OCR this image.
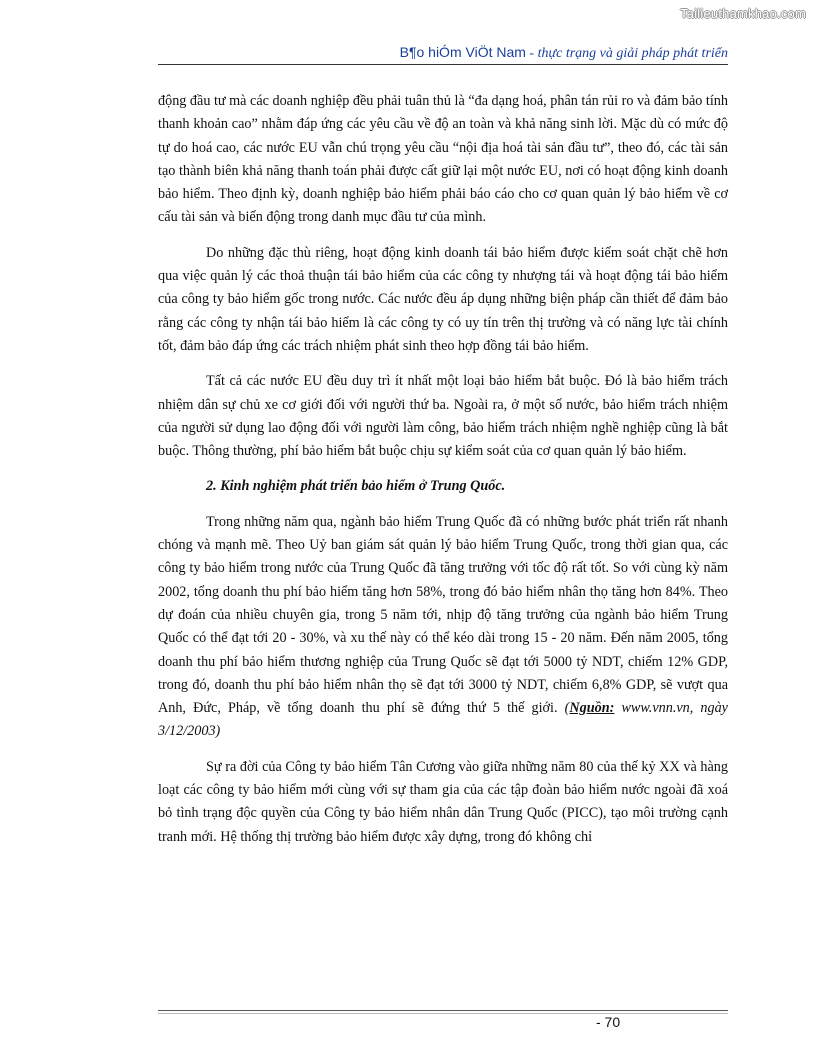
Tailieuthamkhao.com
B¶o hiÓm ViÖt Nam - thực trạng và giải pháp phát triển

động đầu tư mà các doanh nghiệp đều phải tuân thủ là “đa dạng hoá, phân tán rủi ro và đảm bảo tính thanh khoản cao” nhằm đáp ứng các yêu cầu về độ an toàn và khả năng sinh lời. Mặc dù có mức độ tự do hoá cao, các nước EU vẫn chú trọng yêu cầu “nội địa hoá tài sản đầu tư”, theo đó, các tài sản tạo thành biên khả năng thanh toán phải được cất giữ lại một nước EU, nơi có hoạt động kinh doanh bảo hiểm. Theo định kỳ, doanh nghiệp bảo hiểm phải báo cáo cho cơ quan quản lý bảo hiểm về cơ cấu tài sản và biến động trong danh mục đầu tư của mình.

Do những đặc thù riêng, hoạt động kinh doanh tái bảo hiểm được kiểm soát chặt chẽ hơn qua việc quản lý các thoả thuận tái bảo hiểm của các công ty nhượng tái và hoạt động tái bảo hiểm của công ty bảo hiểm gốc trong nước. Các nước đều áp dụng những biện pháp cần thiết để đảm bảo rằng các công ty nhận tái bảo hiểm là các công ty có uy tín trên thị trường và có năng lực tài chính tốt, đảm bảo đáp ứng các trách nhiệm phát sinh theo hợp đồng tái bảo hiểm.

Tất cả các nước EU đều duy trì ít nhất một loại bảo hiểm bắt buộc. Đó là bảo hiểm trách nhiệm dân sự chủ xe cơ giới đối với người thứ ba. Ngoài ra, ở một số nước, bảo hiểm trách nhiệm của người sử dụng lao động đối với người làm công, bảo hiểm trách nhiệm nghề nghiệp cũng là bắt buộc. Thông thường, phí bảo hiểm bắt buộc chịu sự kiểm soát của cơ quan quản lý bảo hiểm.

2. Kinh nghiệm phát triển bảo hiểm ở Trung Quốc.

Trong những năm qua, ngành bảo hiểm Trung Quốc đã có những bước phát triển rất nhanh chóng và mạnh mẽ. Theo Uỷ ban giám sát quản lý bảo hiểm Trung Quốc, trong thời gian qua, các công ty bảo hiểm trong nước của Trung Quốc đã tăng trưởng với tốc độ rất tốt. So với cùng kỳ năm 2002, tổng doanh thu phí bảo hiểm tăng hơn 58%, trong đó bảo hiểm nhân thọ tăng hơn 84%. Theo dự đoán của nhiều chuyên gia, trong 5 năm tới, nhịp độ tăng trưởng của ngành bảo hiểm Trung Quốc có thể đạt tới 20 - 30%, và xu thế này có thể kéo dài trong 15 - 20 năm. Đến năm 2005, tổng doanh thu phí bảo hiểm thương nghiệp của Trung Quốc sẽ đạt tới 5000 tỷ NDT, chiếm 12% GDP, trong đó, doanh thu phí bảo hiểm nhân thọ sẽ đạt tới 3000 tỷ NDT, chiếm 6,8% GDP, sẽ vượt qua Anh, Đức, Pháp, về tổng doanh thu phí sẽ đứng thứ 5 thế giới. (Nguồn: www.vnn.vn, ngày 3/12/2003)

Sự ra đời của Công ty bảo hiểm Tân Cương vào giữa những năm 80 của thế kỷ XX và hàng loạt các công ty bảo hiểm mới cùng với sự tham gia của các tập đoàn bảo hiểm nước ngoài đã xoá bỏ tình trạng độc quyền của Công ty bảo hiểm nhân dân Trung Quốc (PICC), tạo môi trường cạnh tranh mới. Hệ thống thị trường bảo hiểm được xây dựng, trong đó không chỉ

- 70
